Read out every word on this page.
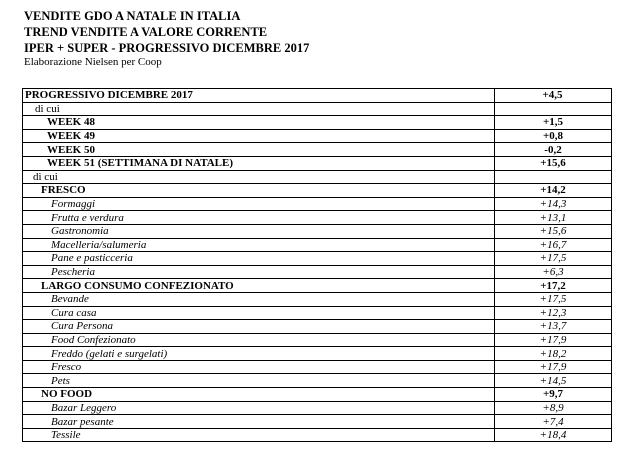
VENDITE GDO A NATALE IN ITALIA
TREND VENDITE A VALORE CORRENTE
IPER + SUPER - PROGRESSIVO DICEMBRE 2017
Elaborazione Nielsen per Coop
PROGRESSIVO DICEMBRE 2017	+4,5
di cui	
WEEK 48	+1,5
WEEK 49	+0,8
WEEK 50	-0,2
WEEK 51 (SETTIMANA DI NATALE)	+15,6
di cui	
FRESCO	+14,2
Formaggi	+14,3
Frutta e verdura	+13,1
Gastronomia	+15,6
Macelleria/salumeria	+16,7
Pane e pasticceria	+17,5
Pescheria	+6,3
LARGO CONSUMO CONFEZIONATO	+17,2
Bevande	+17,5
Cura casa	+12,3
Cura Persona	+13,7
Food Confezionato	+17,9
Freddo (gelati e surgelati)	+18,2
Fresco	+17,9
Pets	+14,5
NO FOOD	+9,7
Bazar Leggero	+8,9
Bazar pesante	+7,4
Tessile	+18,4
